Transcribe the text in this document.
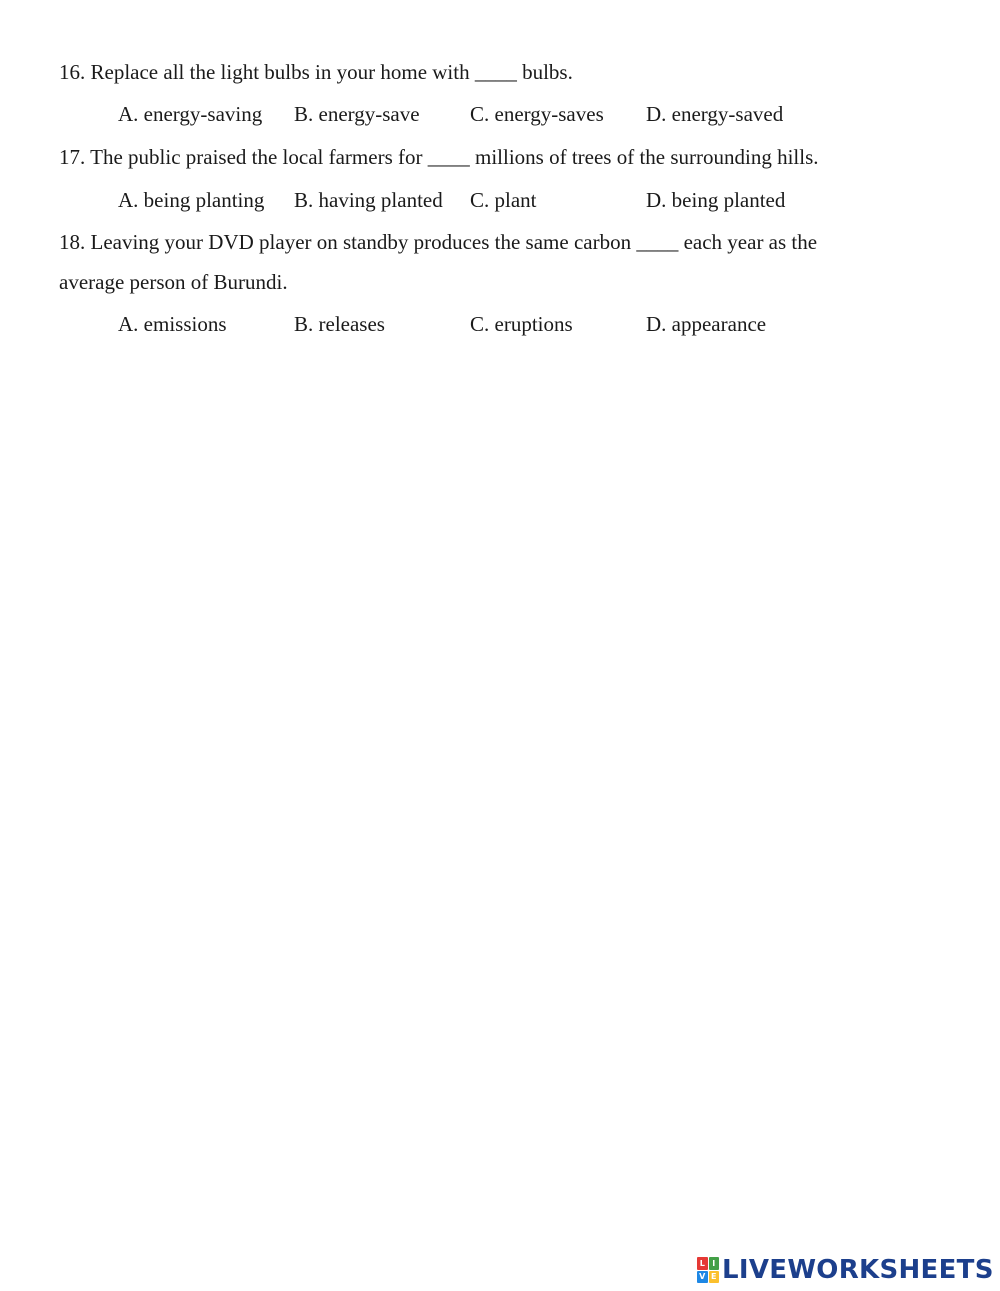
16. Replace all the light bulbs in your home with ____ bulbs.
A. energy-saving B. energy-save C. energy-saves D. energy-saved
17. The public praised the local farmers for ____ millions of trees of the surrounding hills.
A. being planting B. having planted C. plant	D. being planted
18. Leaving your DVD player on standby produces the same carbon ____ each year as the
average person of Burundi.
A. emissions	B. releases	C. eruptions	D. appearance
L I
V E LIVEWORKSHEETS
